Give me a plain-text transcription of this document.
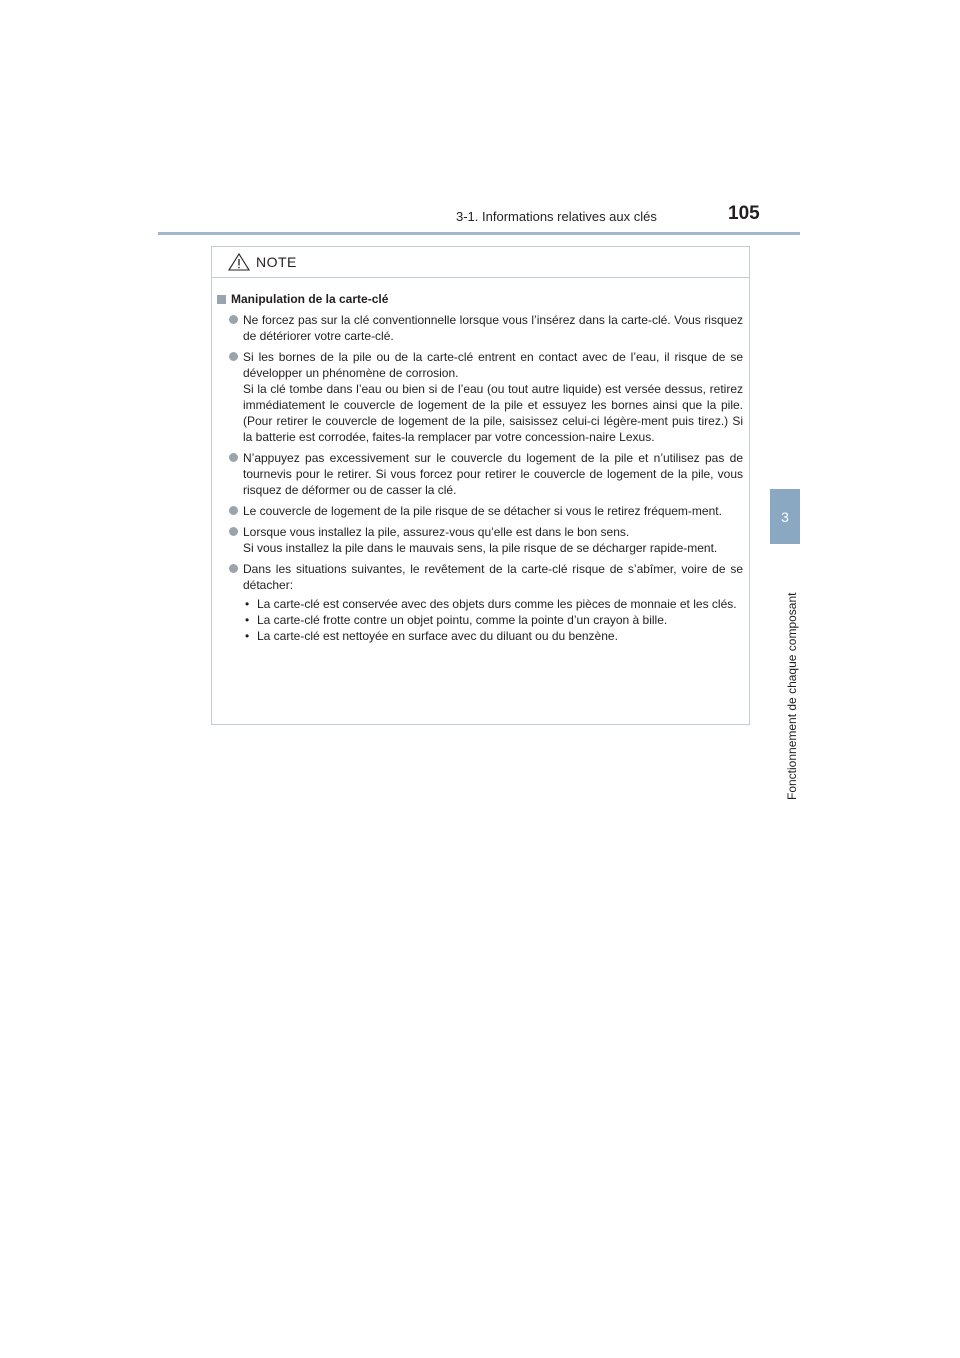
3-1. Informations relatives aux clés	105
3
Fonctionnement de chaque composant
NOTE
Manipulation de la carte-clé

Ne forcez pas sur la clé conventionnelle lorsque vous l’insérez dans la carte-clé. Vous risquez de détériorer votre carte-clé.

Si les bornes de la pile ou de la carte-clé entrent en contact avec de l’eau, il risque de se développer un phénomène de corrosion.

Si la clé tombe dans l’eau ou bien si de l’eau (ou tout autre liquide) est versée dessus, retirez immédiatement le couvercle de logement de la pile et essuyez les bornes ainsi que la pile. (Pour retirer le couvercle de logement de la pile, saisissez celui-ci légère-ment puis tirez.) Si la batterie est corrodée, faites-la remplacer par votre concession-naire Lexus.

N’appuyez pas excessivement sur le couvercle du logement de la pile et n’utilisez pas de tournevis pour le retirer. Si vous forcez pour retirer le couvercle de logement de la pile, vous risquez de déformer ou de casser la clé.

Le couvercle de logement de la pile risque de se détacher si vous le retirez fréquem-ment.

Lorsque vous installez la pile, assurez-vous qu’elle est dans le bon sens.

Si vous installez la pile dans le mauvais sens, la pile risque de se décharger rapide-ment.

Dans les situations suivantes, le revêtement de la carte-clé risque de s’abîmer, voire de se détacher:

• La carte-clé est conservée avec des objets durs comme les pièces de monnaie et les clés.
• La carte-clé frotte contre un objet pointu, comme la pointe d’un crayon à bille.
• La carte-clé est nettoyée en surface avec du diluant ou du benzène.
